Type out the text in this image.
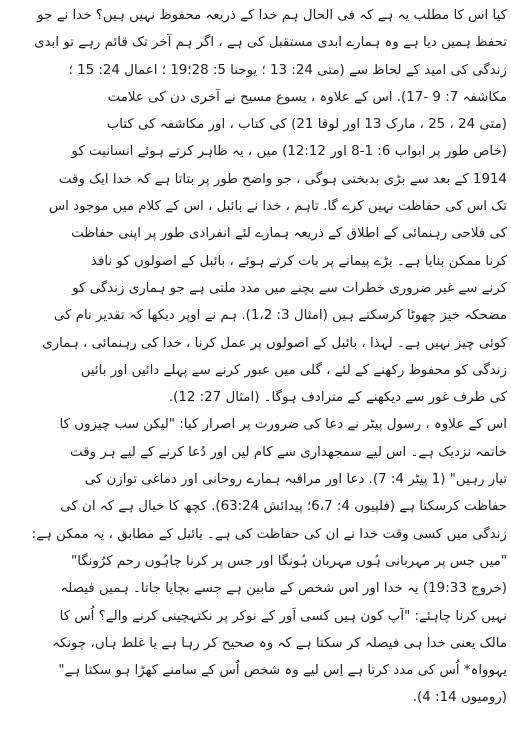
کیا اس کا مطلب یہ ہے کہ فی الحال ہم خدا کے ذریعہ محفوظ نہیں ہیں؟ خدا نے جو
تحفظ ہمیں دیا ہے وہ ہمارے ابدی مستقبل کی ہے ، اگر ہم آخر تک قائم رہے تو ابدی
زندگی کی امید کے لحاظ سے (متی 24: 13 ؛ یوحنا 5: 28؛19 ؛ اعمال 24: 15 ؛
مکاشفہ 7: 9 -17). اس کے علاوہ ، یسوع مسیح نے آخری دن کی علامت
(متی 24 ، 25 ، مارک 13 اور لوقا 21) کی کتاب ، اور مکاشفہ کی کتاب
(خاص طور پر ابواب 6: 1-8 اور 12:12) میں ، یہ ظاہر کرتے ہوئے انسانیت کو
1914 کے بعد سے بڑی بدبختی ہوگی ، جو واضح طور پر بتاتا ہے کہ خدا ایک وقت
تک اس کی حفاظت نہیں کرے گا. تاہم ، خدا نے بائبل ، اس کے کلام میں موجود اس
کی فلاحی رہنمائی کے اطلاق کے ذریعہ ہمارے لئے انفرادی طور پر اپنی حفاظت
کرنا ممکن بنایا ہے۔ بڑے پیمانے پر بات کرتے ہوئے ، بائبل کے اصولوں کو نافذ
کرنے سے غیر ضروری خطرات سے بچنے میں مدد ملتی ہے جو ہماری زندگی کو
مضحکہ خیز چھوٹا کرسکتے ہیں (امثال 3: 1،2). ہم نے اوپر دیکھا کہ تقدیر نام کی
کوئی چیز نہیں ہے۔ لہذا ، بائبل کے اصولوں پر عمل کرنا ، خدا کی رہنمائی ، ہماری
زندگی کو محفوظ رکھنے کے لئے ، گلی میں عبور کرنے سے پہلے دائیں اور بائیں
کی طرف غور سے دیکھنے کے مترادف ہوگا۔ (امثال 27: 12).
اس کے علاوہ ، رسول پیٹر نے دعا کی ضرورت پر اصرار کیا: "لیکن سب چیزوں کا
خاتمہ نزدیک ہے۔ اس لیے سمجھداری سے کام لیں اور دُعا کرنے کے لیے ہر وقت
تیار رہیں" (1 پیٹر 4: 7). دعا اور مراقبہ ہمارے روحانی اور دماغی توازن کی
حفاظت کرسکتا ہے (فلپیوں 4: 6،7؛ پیدائش 63:24). کچھ کا خیال ہے کہ ان کی
زندگی میں کسی وقت خدا نے ان کی حفاظت کی ہے۔ بائبل کے مطابق ، یہ ممکن ہے:
"میں جس پر مہربانی ہُوں مہربان ہُونگا اور جس پر کرنا چاہُوں رحم کرُونگا"
(خروج 19:33) یہ خدا اور اس شخص کے مابین ہے جسے بچایا جاتا۔ ہمیں فیصلہ
نہیں کرنا چاہئے: "آپ کون ہیں کسی اَور کے نوکر پر نکتہچینی کرنے والے؟ اُس کا
مالک یعنی خدا ہی فیصلہ کر سکتا ہے کہ وہ صحیح کر رہا ہے یا غلط ہاں، چونکہ
یہوواہ* اُس کی مدد کرتا ہے اِس لیے وہ شخص اُس کے سامنے کھڑا ہو سکتا ہے"
(رومیوں 14: 4).
